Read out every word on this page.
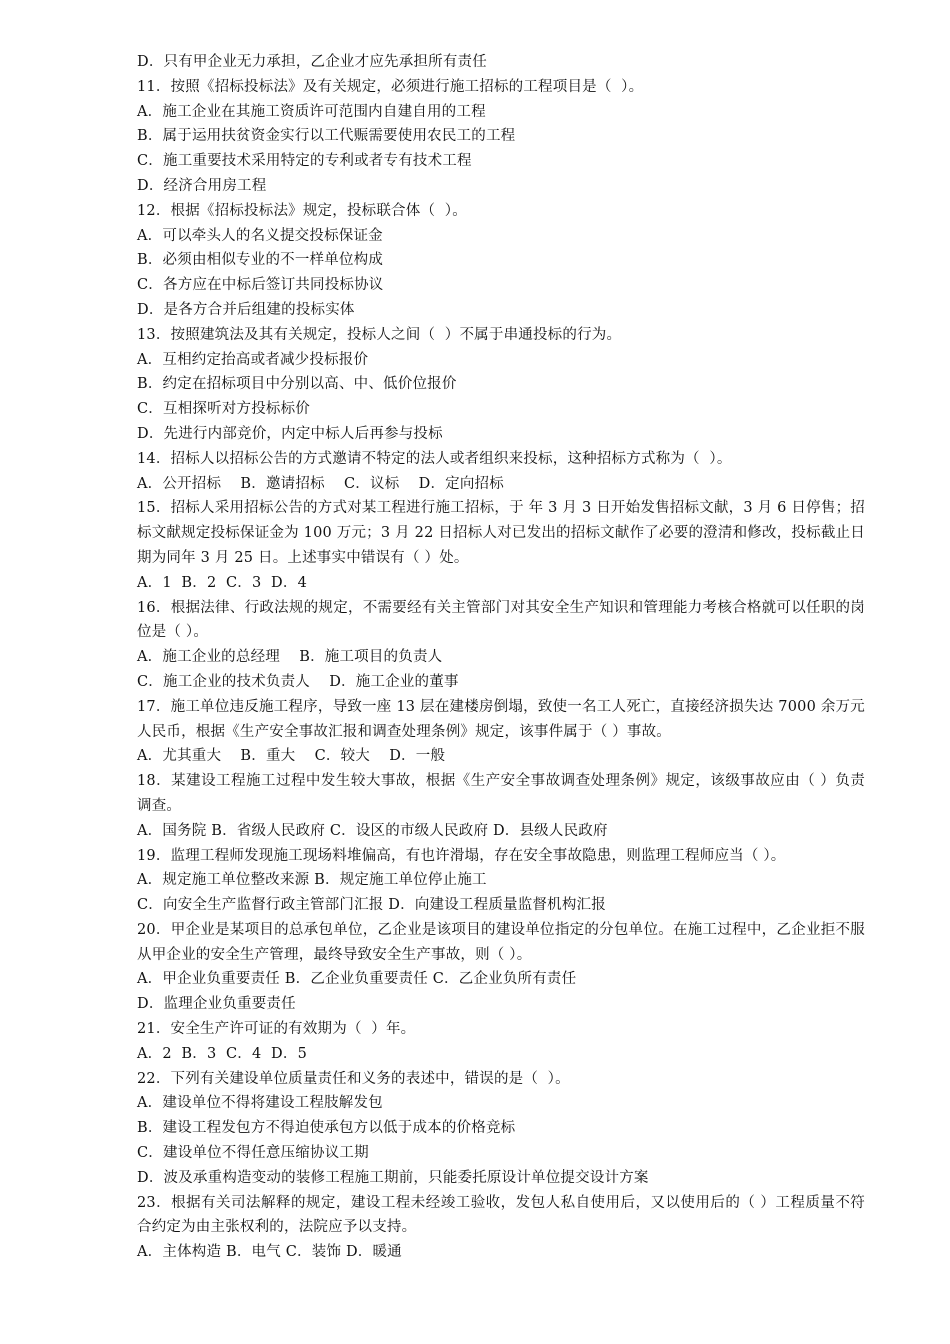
D．只有甲企业无力承担，乙企业才应先承担所有责任

11．按照《招标投标法》及有关规定，必须进行施工招标的工程项目是（  ）。

A．施工企业在其施工资质许可范围内自建自用的工程

B．属于运用扶贫资金实行以工代赈需要使用农民工的工程

C．施工重要技术采用特定的专利或者专有技术工程

D．经济合用房工程

12．根据《招标投标法》规定，投标联合体（  ）。

A．可以牵头人的名义提交投标保证金

B．必须由相似专业的不一样单位构成

C．各方应在中标后签订共同投标协议

D．是各方合并后组建的投标实体

13．按照建筑法及其有关规定，投标人之间（  ）不属于串通投标的行为。

A．互相约定抬高或者减少投标报价

B．约定在招标项目中分别以高、中、低价位报价

C．互相探听对方投标标价

D．先进行内部竞价，内定中标人后再参与投标

14．招标人以招标公告的方式邀请不特定的法人或者组织来投标，这种招标方式称为（  ）。

A．公开招标    B．邀请招标    C．议标    D．定向招标

15．招标人采用招标公告的方式对某工程进行施工招标，于 年 3 月 3 日开始发售招标文献，3 月 6 日停售；招标文献规定投标保证金为 100 万元；3 月 22 日招标人对已发出的招标文献作了必要的澄清和修改，投标截止日期为同年 3 月 25 日。上述事实中错误有（ ）处。

A．1  B．2  C．3  D．4

16．根据法律、行政法规的规定，不需要经有关主管部门对其安全生产知识和管理能力考核合格就可以任职的岗位是（ ）。

A．施工企业的总经理    B．施工项目的负责人

C．施工企业的技术负责人    D．施工企业的董事

17．施工单位违反施工程序，导致一座 13 层在建楼房倒塌，致使一名工人死亡，直接经济损失达 7000 余万元人民币，根据《生产安全事故汇报和调查处理条例》规定，该事件属于（ ）事故。

A．尤其重大    B．重大    C．较大    D．一般

18．某建设工程施工过程中发生较大事故，根据《生产安全事故调查处理条例》规定，该级事故应由（ ）负责调查。

A．国务院 B．省级人民政府 C．设区的市级人民政府 D．县级人民政府

19．监理工程师发现施工现场料堆偏高，有也许滑塌，存在安全事故隐患，则监理工程师应当（ ）。

A．规定施工单位整改来源 B．规定施工单位停止施工

C．向安全生产监督行政主管部门汇报 D．向建设工程质量监督机构汇报

20．甲企业是某项目的总承包单位，乙企业是该项目的建设单位指定的分包单位。在施工过程中，乙企业拒不服从甲企业的安全生产管理，最终导致安全生产事故，则（ ）。

A．甲企业负重要责任 B．乙企业负重要责任 C．乙企业负所有责任

D．监理企业负重要责任

21．安全生产许可证的有效期为（  ）年。

A．2  B．3  C．4  D．5

22．下列有关建设单位质量责任和义务的表述中，错误的是（  ）。

A．建设单位不得将建设工程肢解发包

B．建设工程发包方不得迫使承包方以低于成本的价格竞标

C．建设单位不得任意压缩协议工期

D．波及承重构造变动的装修工程施工期前，只能委托原设计单位提交设计方案

23．根据有关司法解释的规定，建设工程未经竣工验收，发包人私自使用后，又以使用后的（ ）工程质量不符合约定为由主张权利的，法院应予以支持。

A．主体构造 B．电气 C．装饰 D．暖通
